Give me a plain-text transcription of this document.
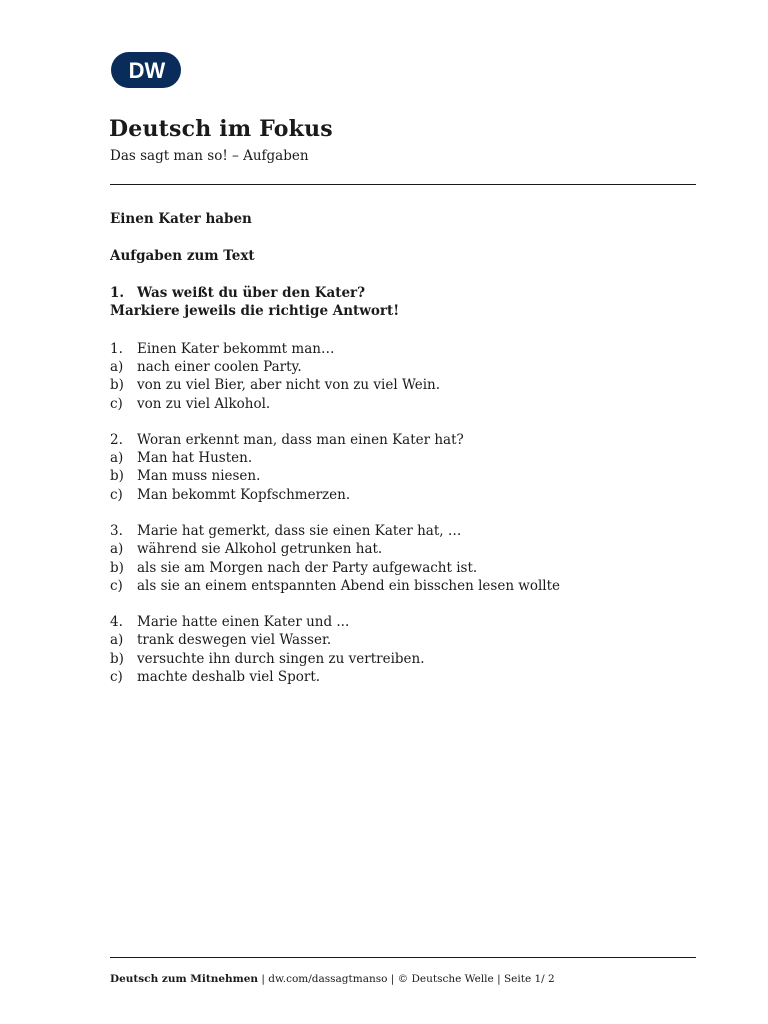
DW
Deutsch im Fokus
Das sagt man so! – Aufgaben
Einen Kater haben
Aufgaben zum Text
1. Was weißt du über den Kater?
Markiere jeweils die richtige Antwort!
1. Einen Kater bekommt man…
a) nach einer coolen Party.
b) von zu viel Bier, aber nicht von zu viel Wein.
c) von zu viel Alkohol.
2. Woran erkennt man, dass man einen Kater hat?
a) Man hat Husten.
b) Man muss niesen.
c) Man bekommt Kopfschmerzen.
3. Marie hat gemerkt, dass sie einen Kater hat, …
a) während sie Alkohol getrunken hat.
b) als sie am Morgen nach der Party aufgewacht ist.
c) als sie an einem entspannten Abend ein bisschen lesen wollte
4. Marie hatte einen Kater und ...
a) trank deswegen viel Wasser.
b) versuchte ihn durch singen zu vertreiben.
c) machte deshalb viel Sport.
Deutsch zum Mitnehmen | dw.com/dassagtmanso | © Deutsche Welle | Seite 1/ 2
